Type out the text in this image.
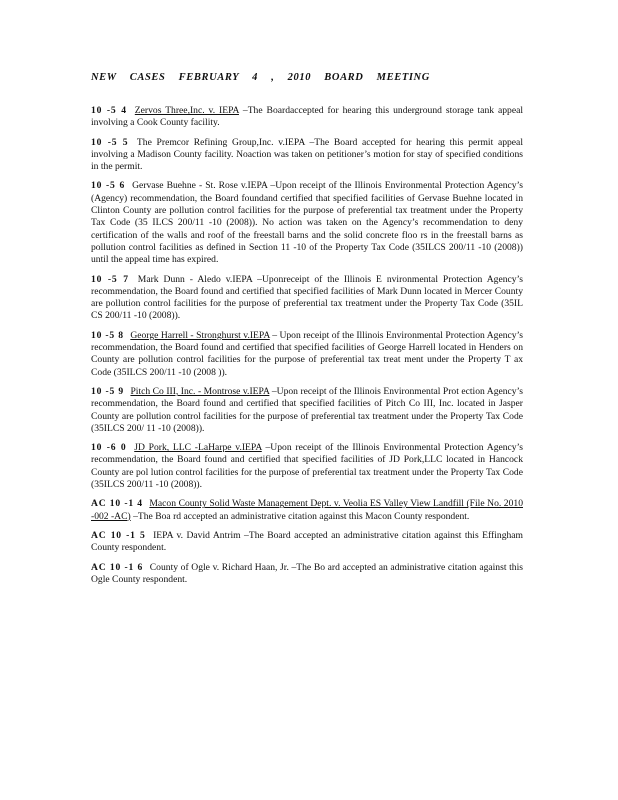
NEW CASES FEBRUARY 4 , 2010 BOARD MEETING

10 -5 4 Zervos Three,Inc. v. IEPA –The Boardaccepted for hearing this underground storage tank appeal involving a Cook County facility.

10 -5 5 The Premcor Refining Group,Inc. v.IEPA –The Board accepted for hearing this permit appeal involving a Madison County facility. Noaction was taken on petitioner’s motion for stay of specified conditions in the permit.

10 -5 6 Gervase Buehne - St. Rose v.IEPA –Upon receipt of the Illinois Environmental Protection Agency’s (Agency) recommendation, the Board foundand certified that specified facilities of Gervase Buehne located in Clinton County are pollution control facilities for the purpose of preferential tax treatment under the Property Tax Code (35 ILCS 200/11 -10 (2008)). No action was taken on the Agency’s recommendation to deny certification of the walls and roof of the freestall barns and the solid concrete floo rs in the freestall barns as pollution control facilities as defined in Section 11 -10 of the Property Tax Code (35ILCS 200/11 -10 (2008)) until the appeal time has expired.

10 -5 7 Mark Dunn - Aledo v.IEPA –Uponreceipt of the Illinois E nvironmental Protection Agency’s recommendation, the Board found and certified that specified facilities of Mark Dunn located in Mercer County are pollution control facilities for the purpose of preferential tax treatment under the Property Tax Code (35IL CS 200/11 -10 (2008)).

10 -5 8 George Harrell - Stronghurst v.IEPA – Upon receipt of the Illinois Environmental Protection Agency’s recommendation, the Board found and certified that specified facilities of George Harrell located in Henders on County are pollution control facilities for the purpose of preferential tax treat ment under the Property T ax Code (35ILCS 200/11 -10 (2008 )).

10 -5 9 Pitch Co III, Inc. - Montrose v.IEPA –Upon receipt of the Illinois Environmental Prot ection Agency’s recommendation, the Board found and certified that specified facilities of Pitch Co III, Inc. located in Jasper County are pollution control facilities for the purpose of preferential tax treatment under the Property Tax Code (35ILCS 200/ 11 -10 (2008)).

10 -6 0 JD Pork, LLC -LaHarpe v.IEPA –Upon receipt of the Illinois Environmental Protection Agency’s recommendation, the Board found and certified that specified facilities of JD Pork,LLC located in Hancock County are pol lution control facilities for the purpose of preferential tax treatment under the Property Tax Code (35ILCS 200/11 -10 (2008)).

AC 10 -1 4 Macon County Solid Waste Management Dept. v. Veolia ES Valley View Landfill (File No. 2010 -002 -AC) –The Boa rd accepted an administrative citation against this Macon County respondent.

AC 10 -1 5 IEPA v. David Antrim –The Board accepted an administrative citation against this Effingham County respondent.

AC 10 -1 6 County of Ogle v. Richard Haan, Jr. –The Bo ard accepted an administrative citation against this Ogle County respondent.
